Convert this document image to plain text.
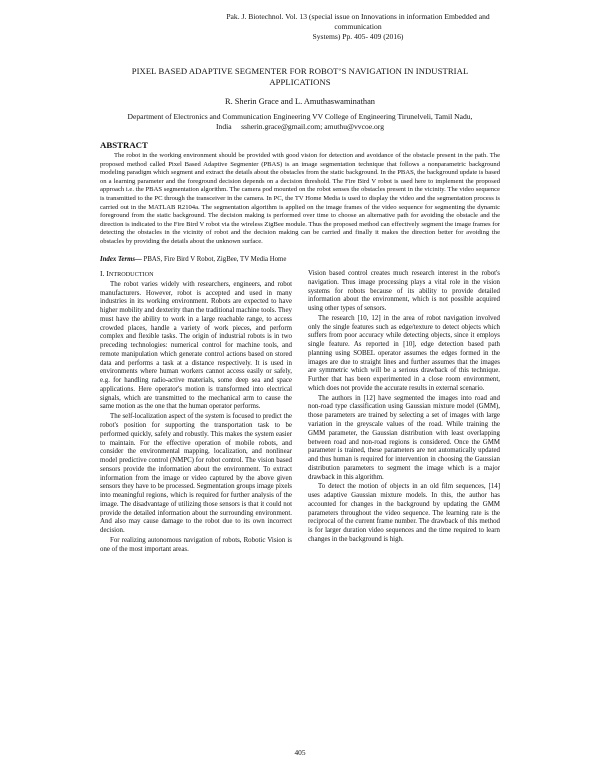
Pak. J. Biotechnol. Vol. 13 (special issue on Innovations in information Embedded and communication
Systems) Pp. 405- 409 (2016)
PIXEL BASED ADAPTIVE SEGMENTER FOR ROBOT’S NAVIGATION IN INDUSTRIAL
APPLICATIONS
R. Sherin Grace and L. Amuthaswaminathan
Department of Electronics and Communication Engineering VV College of Engineering Tirunelveli, Tamil Nadu,
India     ssherin.grace@gmail.com; amuthu@vvcoe.org
ABSTRACT
The robot in the working environment should be provided with good vision for detection and avoidance of the obstacle present in the path. The proposed method called Pixel Based Adaptive Segmenter (PBAS) is an image segmentation technique that follows a nonparametric background modeling paradigm which segment and extract the details about the obstacles from the static background. In the PBAS, the background update is based on a learning parameter and the foreground decision depends on a decision threshold. The Fire Bird V robot is used here to implement the proposed approach i.e. the PBAS segmentation algorithm. The camera pod mounted on the robot senses the obstacles present in the vicinity. The video sequence is transmitted to the PC through the transceiver in the camera. In PC, the TV Home Media is used to display the video and the segmentation process is carried out in the MATLAB R2104a. The segmentation algorithm is applied on the image frames of the video sequence for segmenting the dynamic foreground from the static background. The decision making is performed over time to choose an alternative path for avoiding the obstacle and the direction is indicated to the Fire Bird V robot via the wireless ZigBee module. Thus the proposed method can effectively segment the image frames for detecting the obstacles in the vicinity of robot and the decision making can be carried and finally it makes the direction better for avoiding the obstacles by providing the details about the unknown surface.
Index Terms— PBAS, Fire Bird V Robot, ZigBee, TV Media Home
I. INTRODUCTION

The robot varies widely with researchers, engineers, and robot manufacturers. However, robot is accepted and used in many industries in its working environment. Robots are expected to have higher mobility and dexterity than the traditional machine tools. They must have the ability to work in a large reachable range, to access crowded places, handle a variety of work pieces, and perform complex and flexible tasks. The origin of industrial robots is in two preceding technologies: numerical control for machine tools, and remote manipulation which generate control actions based on stored data and performs a task at a distance respectively. It is used in environments where human workers cannot access easily or safely, e.g. for handling radio-active materials, some deep sea and space applications. Here operator's motion is transformed into electrical signals, which are transmitted to the mechanical arm to cause the same motion as the one that the human operator performs.

The self-localization aspect of the system is focused to predict the robot's position for supporting the transportation task to be performed quickly, safely and robustly. This makes the system easier to maintain. For the effective operation of mobile robots, and consider the environmental mapping, localization, and nonlinear model predictive control (NMPC) for robot control. The vision based sensors provide the information about the environment. To extract information from the image or video captured by the above given sensors they have to be processed. Segmentation groups image pixels into meaningful regions, which is required for further analysis of the image. The disadvantage of utilizing those sensors is that it could not provide the detailed information about the surrounding environment. And also may cause damage to the robot due to its own incorrect decision.

For realizing autonomous navigation of robots, Robotic Vision is one of the most important areas.

Vision based control creates much research interest in the robot's navigation. Thus image processing plays a vital role in the vision systems for robots because of its ability to provide detailed information about the environment, which is not possible acquired using other types of sensors.

The research [10, 12] in the area of robot navigation involved only the single features such as edge/texture to detect objects which suffers from poor accuracy while detecting objects, since it employs single feature. As reported in [10], edge detection based path planning using SOBEL operator assumes the edges formed in the images are due to straight lines and further assumes that the images are symmetric which will be a serious drawback of this technique. Further that has been experimented in a close room environment, which does not provide the accurate results in external scenario.

The authors in [12] have segmented the images into road and non-road type classification using Gaussian mixture model (GMM), those parameters are trained by selecting a set of images with large variation in the greyscale values of the road. While training the GMM parameter, the Gaussian distribution with least overlapping between road and non-road regions is considered. Once the GMM parameter is trained, these parameters are not automatically updated and thus human is required for intervention in choosing the Gaussian distribution parameters to segment the image which is a major drawback in this algorithm.

To detect the motion of objects in an old film sequences, [14] uses adaptive Gaussian mixture models. In this, the author has accounted for changes in the background by updating the GMM parameters throughout the video sequence. The learning rate is the reciprocal of the current frame number. The drawback of this method is for larger duration video sequences and the time required to learn changes in the background is high.

405
